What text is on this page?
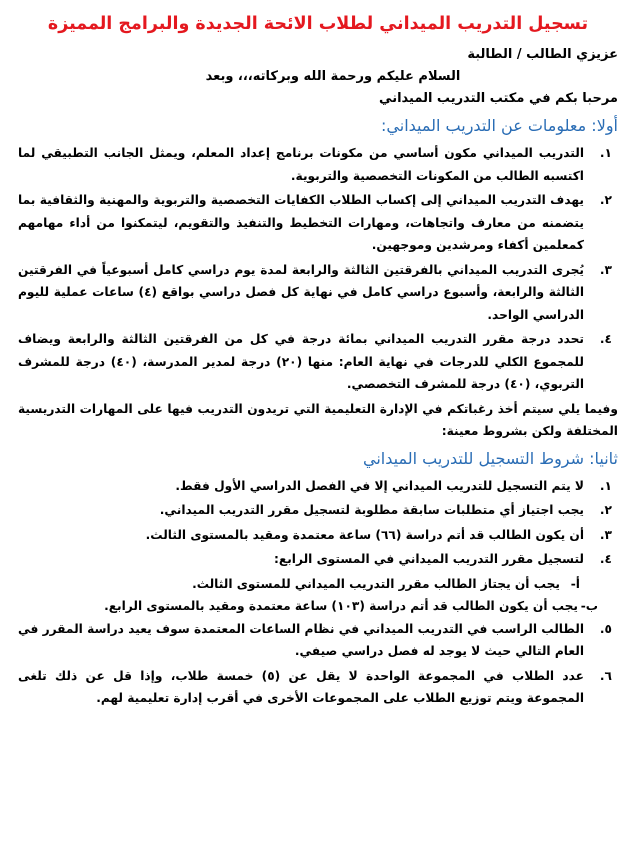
تسجيل التدريب الميداني لطلاب الائحة الجديدة والبرامج المميزة

عزيزي الطالب / الطالبة

السلام عليكم ورحمة الله وبركاته،،، وبعد

مرحبا بكم في مكتب التدريب الميداني

أولا: معلومات عن التدريب الميداني:
١.
التدريب الميداني مكون أساسي من مكونات برنامج إعداد المعلم، ويمثل الجانب التطبيقي لما اكتسبه الطالب من المكونات التخصصية والتربوية.
٢.
يهدف التدريب الميداني إلى إكساب الطلاب الكفايات التخصصية والتربوية والمهنية والثقافية بما يتضمنه من معارف واتجاهات، ومهارات التخطيط والتنفيذ والتقويم، ليتمكنوا من أداء مهامهم كمعلمين أكفاء ومرشدين وموجهين.
٣.
يُجرى التدريب الميداني بالفرقتين الثالثة والرابعة لمدة يوم دراسي كامل أسبوعياً في الفرقتين الثالثة والرابعة، وأسبوع دراسي كامل في نهاية كل فصل دراسي بواقع (٤) ساعات عملية لليوم الدراسي الواحد.
٤.
تحدد درجة مقرر التدريب الميداني بمائة درجة في كل من الفرقتين الثالثة والرابعة ويضاف للمجموع الكلي للدرجات في نهاية العام: منها (٢٠) درجة لمدير المدرسة، (٤٠) درجة للمشرف التربوي، (٤٠) درجة للمشرف التخصصي.

وفيما يلي سيتم أخذ رغباتكم في الإدارة التعليمية التي تريدون التدريب فيها على المهارات التدريسية المختلفة ولكن بشروط معينة:

ثانيا: شروط التسجيل للتدريب الميداني
١.
لا يتم التسجيل للتدريب الميداني إلا في الفصل الدراسي الأول فقط.
٢.
يجب اجتياز أي متطلبات سابقة مطلوبة لتسجيل مقرر التدريب الميداني.
٣.
أن يكون الطالب قد أتم دراسة (٦٦) ساعة معتمدة ومقيد بالمستوى الثالث.
٤.
لتسجيل مقرر التدريب الميداني في المستوى الرابع:
أ-
يجب أن يجتاز الطالب مقرر التدريب الميداني للمستوى الثالث.
ب-
يجب أن يكون الطالب قد أتم دراسة (١٠٣) ساعة معتمدة ومقيد بالمستوى الرابع.
٥.
الطالب الراسب في التدريب الميداني في نظام الساعات المعتمدة سوف يعيد دراسة المقرر في العام التالي حيث لا يوجد له فصل دراسي صيفي.
٦.
عدد الطلاب في المجموعة الواحدة لا يقل عن (٥) خمسة طلاب، وإذا قل عن ذلك تلغى المجموعة ويتم توزيع الطلاب على المجموعات الأخرى في أقرب إدارة تعليمية لهم.
